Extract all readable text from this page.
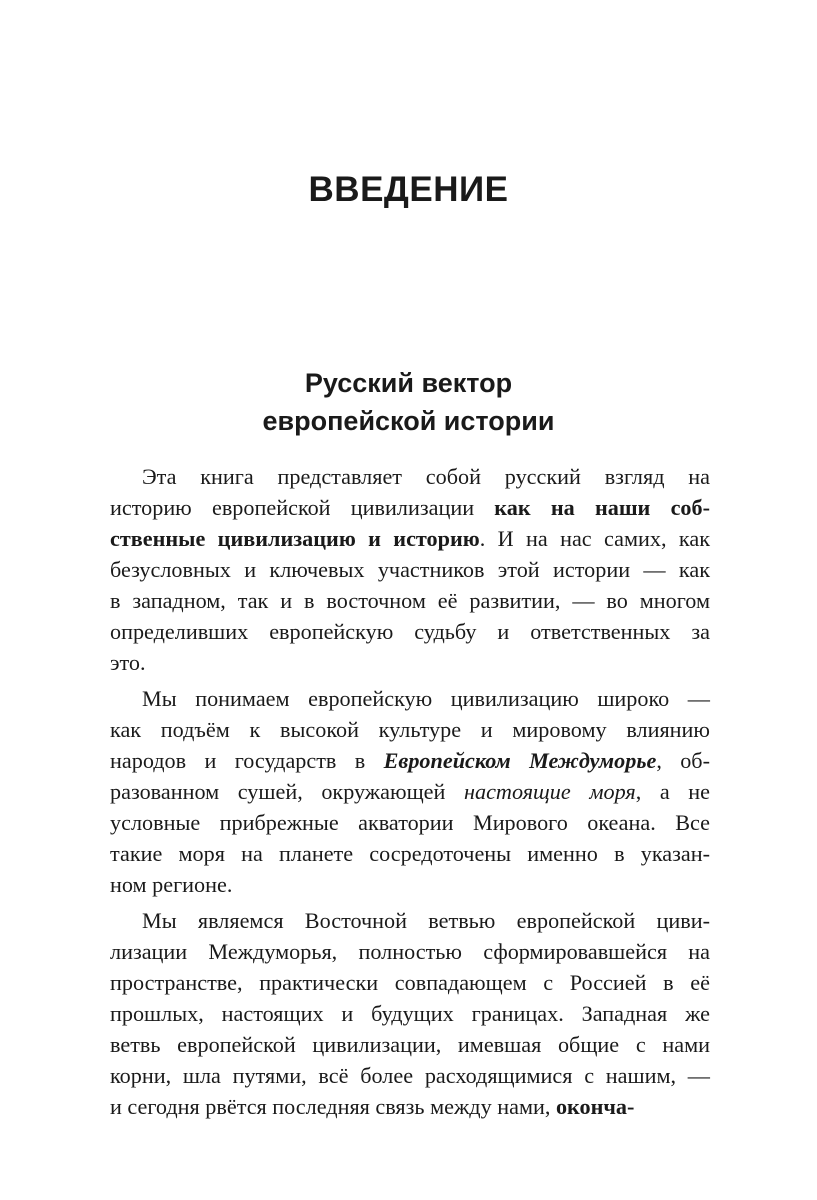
ВВЕДЕНИЕ
Русский вектор
европейской истории
Эта книга представляет собой русский взгляд на
историю европейской цивилизации как на наши соб-
ственные цивилизацию и историю. И на нас самих, как
безусловных и ключевых участников этой истории — как
в западном, так и в восточном её развитии, — во многом
определивших европейскую судьбу и ответственных за
это.
Мы понимаем европейскую цивилизацию широко —
как подъём к высокой культуре и мировому влиянию
народов и государств в Европейском Междуморье, об-
разованном сушей, окружающей настоящие моря, а не
условные прибрежные акватории Мирового океана. Все
такие моря на планете сосредоточены именно в указан-
ном регионе.
Мы являемся Восточной ветвью европейской циви-
лизации Междуморья, полностью сформировавшейся на
пространстве, практически совпадающем с Россией в её
прошлых, настоящих и будущих границах. Западная же
ветвь европейской цивилизации, имевшая общие с нами
корни, шла путями, всё более расходящимися с нашим, —
и сегодня рвётся последняя связь между нами, оконча-
